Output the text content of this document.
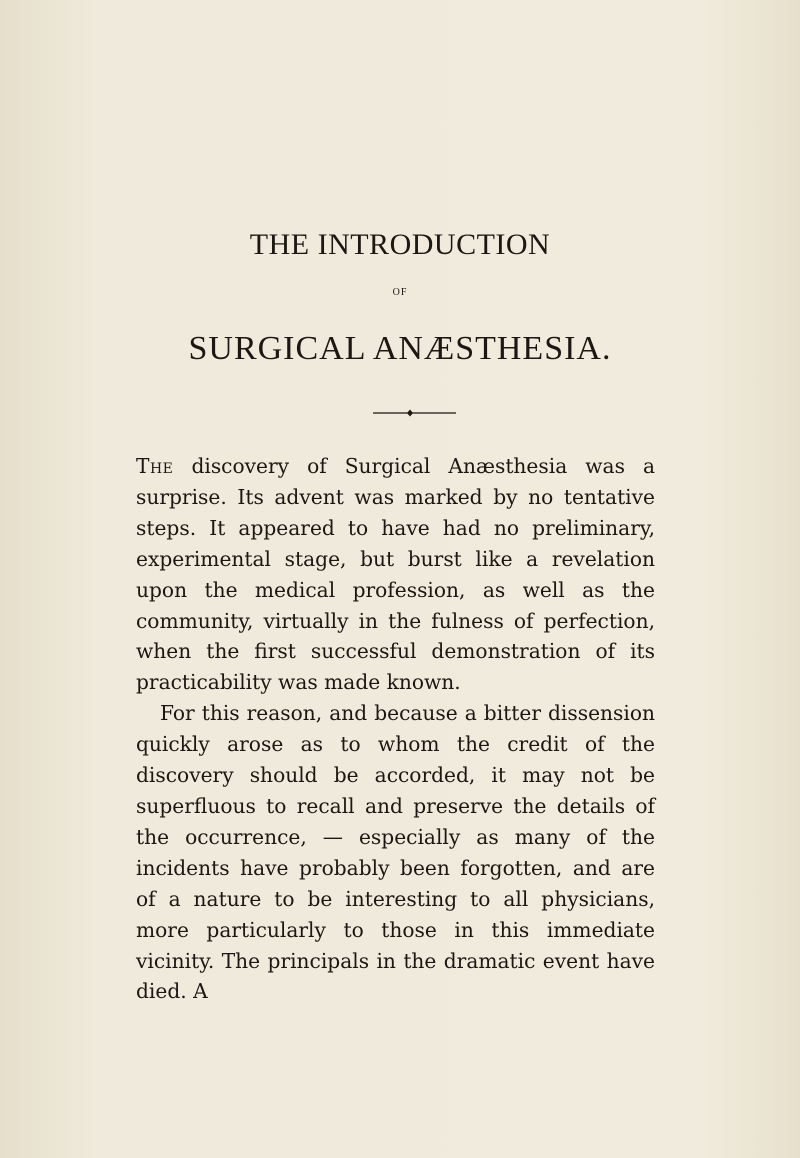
THE INTRODUCTION
OF
SURGICAL ANÆSTHESIA.

The discovery of Surgical Anæsthesia was a surprise. Its advent was marked by no tentative steps. It appeared to have had no preliminary, experimental stage, but burst like a revelation upon the medical profession, as well as the community, virtually in the fulness of perfection, when the first successful demonstration of its practicability was made known.

For this reason, and because a bitter dissension quickly arose as to whom the credit of the discovery should be accorded, it may not be superfluous to recall and preserve the details of the occurrence, — especially as many of the incidents have probably been forgotten, and are of a nature to be interesting to all physicians, more particularly to those in this immediate vicinity. The principals in the dramatic event have died. A
